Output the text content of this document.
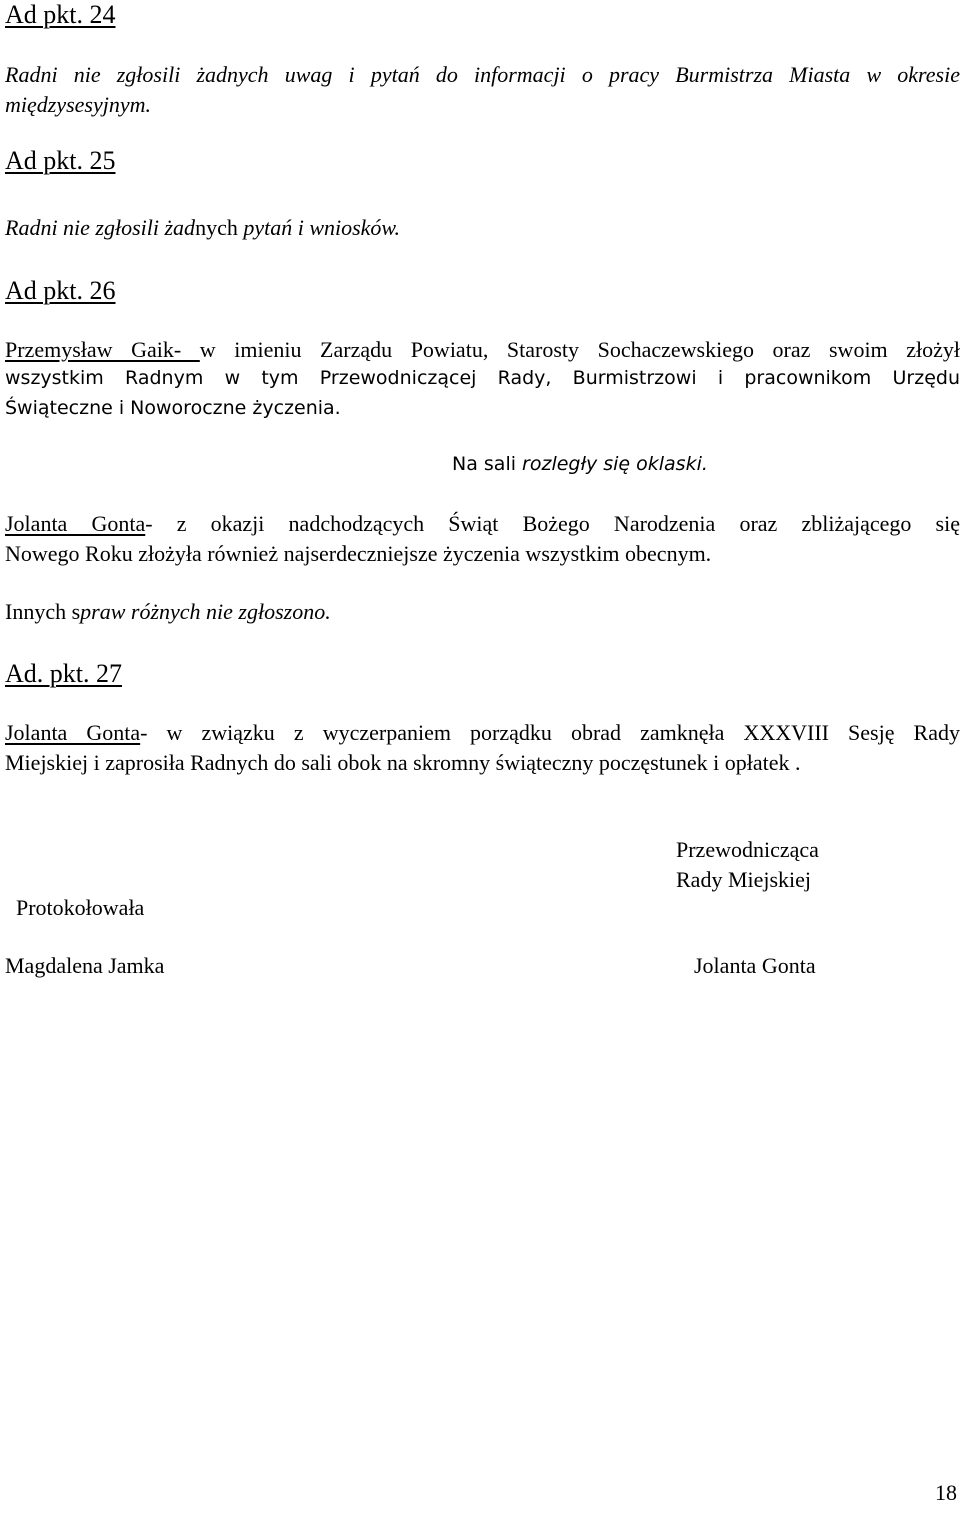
Ad pkt. 24
Radni nie zgłosili żadnych uwag i pytań do informacji o pracy Burmistrza Miasta w okresie
międzysesyjnym.
Ad pkt. 25
Radni nie zgłosili żadnych pytań i wniosków.
Ad pkt. 26
Przemysław Gaik- w imieniu Zarządu Powiatu, Starosty Sochaczewskiego oraz swoim złożył
wszystkim Radnym w tym Przewodniczącej Rady, Burmistrzowi i pracownikom Urzędu
Świąteczne i Noworoczne życzenia.
Na sali rozległy się oklaski.
Jolanta Gonta- z okazji nadchodzących Świąt Bożego Narodzenia oraz zbliżającego się
Nowego Roku złożyła również najserdeczniejsze życzenia wszystkim obecnym.
Innych spraw różnych nie zgłoszono.
Ad. pkt. 27
Jolanta Gonta- w związku z wyczerpaniem porządku obrad zamknęła XXXVIII Sesję Rady
Miejskiej i zaprosiła Radnych do sali obok na skromny świąteczny poczęstunek i opłatek .
Przewodnicząca
Rady Miejskiej
Protokołowała
Magdalena Jamka	Jolanta Gonta
18
